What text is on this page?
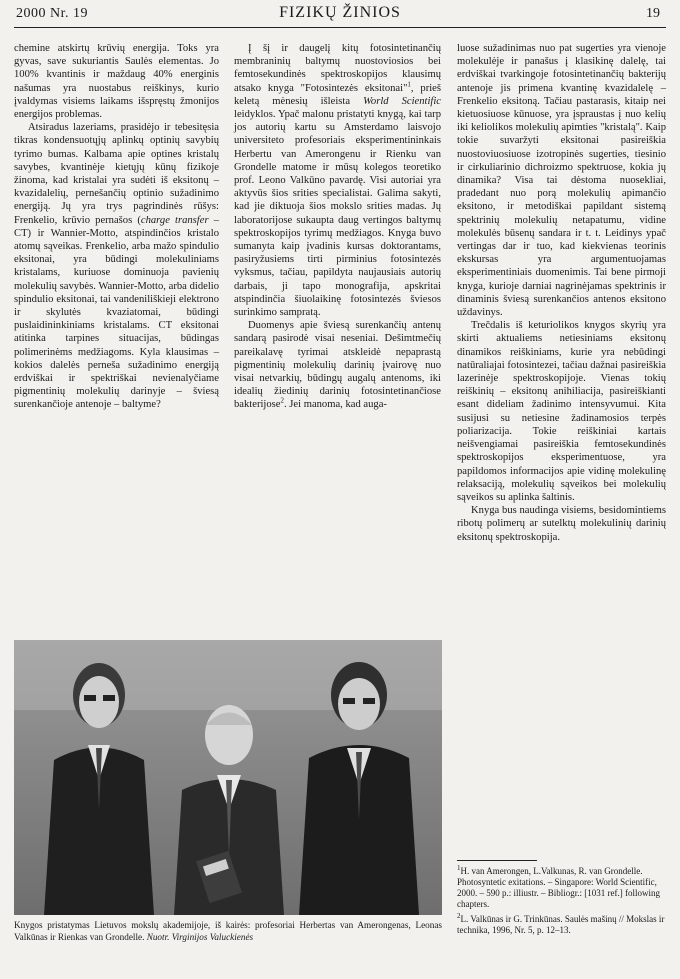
2000 Nr. 19	FIZIKŲ ŽINIOS	19

chemine atskirtų krūvių energija. Toks yra gyvas, save sukuriantis Saulės elementas. Jo 100% kvantinis ir maždaug 40% energinis našumas yra nuostabus reiškinys, kurio įvaldymas visiems laikams išspręstų žmonijos energijos problemas.

Atsiradus lazeriams, prasidėjo ir tebesitęsia tikras kondensuotųjų aplinkų optinių savybių tyrimo bumas. Kalbama apie optines kristalų savybes, kvantinėje kietųjų kūnų fizikoje žinoma, kad kristalai yra sudėti iš eksitonų – kvazidalelių, pernešančių optinio sužadinimo energiją. Jų yra trys pagrindinės rūšys: Frenkelio, krūvio pernašos (charge transfer – CT) ir Wannier-Motto, atspindinčios kristalo atomų sąveikas. Frenkelio, arba mažo spindulio eksitonai, yra būdingi molekuliniams kristalams, kuriuose dominuoja pavienių molekulių savybės. Wannier-Motto, arba didelio spindulio eksitonai, tai vandeniliškieji elektrono ir skylutės kvaziatomai, būdingi puslaidininkiniams kristalams. CT eksitonai atitinka tarpines situacijas, būdingas polimerinėms medžiagoms. Kyla klausimas – kokios dalelės perneša sužadinimo energiją erdviškai ir spektriškai nevienalyčiame pigmentinių molekulių darinyje – šviesą surenkančioje antenoje – baltyme?

Į šį ir daugelį kitų fotosintetinančių membraninių baltymų nuostoviosios bei femtosekundinės spektroskopijos klausimų atsako knyga "Fotosintezės eksitonai"$^1$, prieš keletą mėnesių išleista World Scientific leidyklos. Ypač malonu pristatyti knygą, kai tarp jos autorių kartu su Amsterdamo laisvojo universiteto profesoriais eksperimentininkais Herbertu van Amerongenu ir Rienku van Grondelle matome ir mūsų kolegos teoretiko prof. Leono Valkūno pavardę. Visi autoriai yra aktyvūs šios srities specialistai. Galima sakyti, kad jie diktuoja šios mokslo srities madas. Jų laboratorijose sukaupta daug vertingos baltymų spektroskopijos tyrimų medžiagos. Knyga buvo sumanyta kaip įvadinis kursas doktorantams, pasiryžusiems tirti pirminius fotosintezės vyksmus, tačiau, papildyta naujausiais autorių darbais, ji tapo monografija, apskritai atspindinčia šiuolaikinę fotosintezės šviesos surinkimo sampratą.

Duomenys apie šviesą surenkančių antenų sandarą pasirodė visai neseniai. Dešimtmečių pareikalavę tyrimai atskleidė nepaprastą pigmentinių molekulių darinių įvairovę nuo visai netvarkių, būdingų augalų antenoms, iki idealių žiedinių darinių fotosintetinančiose bakterijose$^2$. Jei manoma, kad auga-

luose sužadinimas nuo pat sugerties yra vienoje molekulėje ir panašus į klasikinę dalelę, tai erdviškai tvarkingoje fotosintetinančių bakterijų antenoje jis primena kvantinę kvazidalelę – Frenkelio eksitoną. Tačiau pastarasis, kitaip nei kietuosiuose kūnuose, yra įspraustas į nuo kelių iki keliolikos molekulių apimties "kristalą". Kaip tokie suvaržyti eksitonai pasireiškia nuostoviuosiuose izotropinės sugerties, tiesinio ir cirkuliarinio dichroizmo spektruose, kokia jų dinamika? Visa tai dėstoma nuosekliai, pradedant nuo porą molekulių apimančio eksitono, ir metodiškai papildant sistemą spektrinių molekulių netapatumu, vidine molekulės būsenų sandara ir t. t. Leidinys ypač vertingas dar ir tuo, kad kiekvienas teorinis ekskursas yra argumentuojamas eksperimentiniais duomenimis. Tai bene pirmoji knyga, kurioje darniai nagrinėjamas spektrinis ir dinaminis šviesą surenkančios antenos eksitono uždavinys.

Trečdalis iš keturiolikos knygos skyrių yra skirti aktualiems netiesiniams eksitonų dinamikos reiškiniams, kurie yra nebūdingi natūraliajai fotosintezei, tačiau dažnai pasireiškia lazerinėje spektroskopijoje. Vienas tokių reiškinių – eksitonų anihiliacija, pasireiškianti esant dideliam žadinimo intensyvumui. Kita susijusi su netiesine žadinamosios terpės poliarizacija. Tokie reiškiniai kartais neišvengiamai pasireiškia femtosekundinės spektroskopijos eksperimentuose, yra papildomos informacijos apie vidinę molekulinę relaksaciją, molekulių sąveikos bei molekulių sąveikos su aplinka šaltinis.

Knyga bus naudinga visiems, besidomintiems ribotų polimerų ar sutelktų molekulinių darinių eksitonų spektroskopija.

Knygos pristatymas Lietuvos mokslų akademijoje, iš kairės: profesoriai Herbertas van Amerongenas, Leonas Valkūnas ir Rienkas van Grondelle. Nuotr. Virginijos Valuckienės

$^1$H. van Amerongen, L.Valkunas, R. van Grondelle. Photosyntetic exitations. – Singapore: World Scientific, 2000. – 590 p.: illiustr. – Bibliogr.: [1031 ref.] following chapters.

$^2$L. Valkūnas ir G. Trinkūnas. Saulės mašinų // Mokslas ir technika, 1996, Nr. 5, p. 12–13.
